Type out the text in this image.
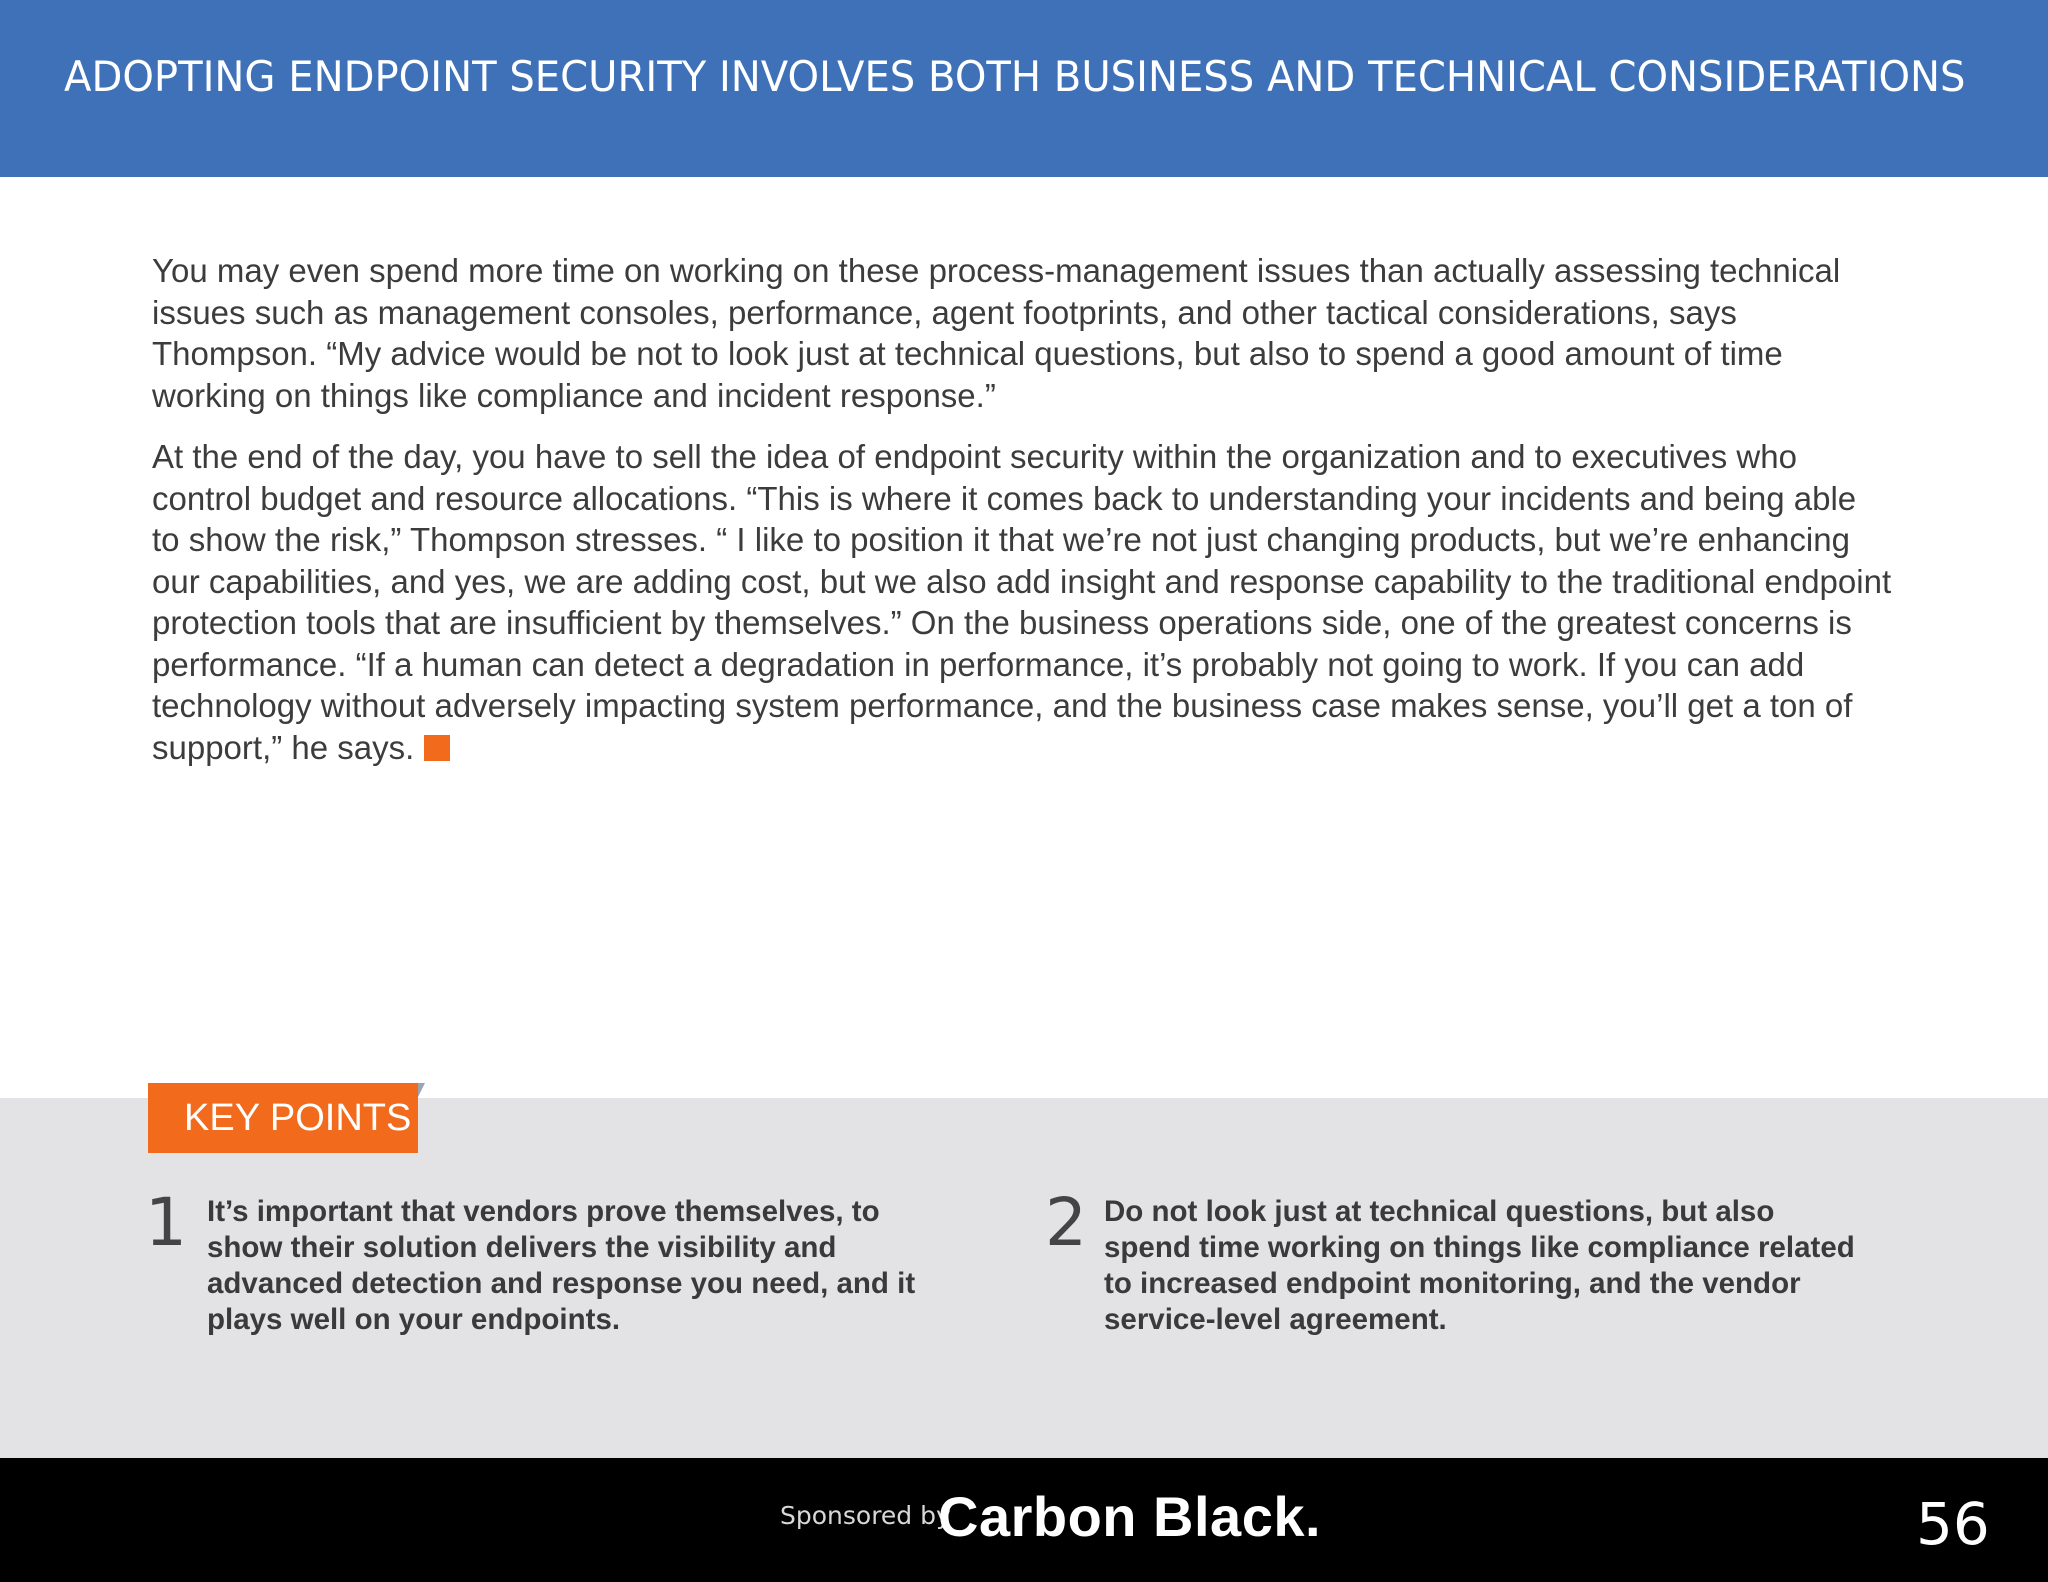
ADOPTING ENDPOINT SECURITY INVOLVES BOTH BUSINESS AND TECHNICAL CONSIDERATIONS

You may even spend more time on working on these process-management issues than actually assessing technical issues such as management consoles, performance, agent footprints, and other tactical considerations, says Thompson. “My advice would be not to look just at technical questions, but also to spend a good amount of time working on things like compliance and incident response.”

At the end of the day, you have to sell the idea of endpoint security within the organization and to executives who control budget and resource allocations. “This is where it comes back to understanding your incidents and being able to show the risk,” Thompson stresses. “ I like to position it that we’re not just changing products, but we’re enhancing our capabilities, and yes, we are adding cost, but we also add insight and response capability to the traditional endpoint protection tools that are insufficient by themselves.” On the business operations side, one of the greatest concerns is performance. “If a human can detect a degradation in performance, it’s probably not going to work. If you can add technology without adversely impacting system performance, and the business case makes sense, you’ll get a ton of support,” he says.

KEY POINTS
1 It’s important that vendors prove themselves, to show their solution delivers the visibility and advanced detection and response you need, and it plays well on your endpoints.
2 Do not look just at technical questions, but also spend time working on things like compliance related to increased endpoint monitoring, and the vendor service-level agreement.
Sponsored by
Carbon Black.	56
